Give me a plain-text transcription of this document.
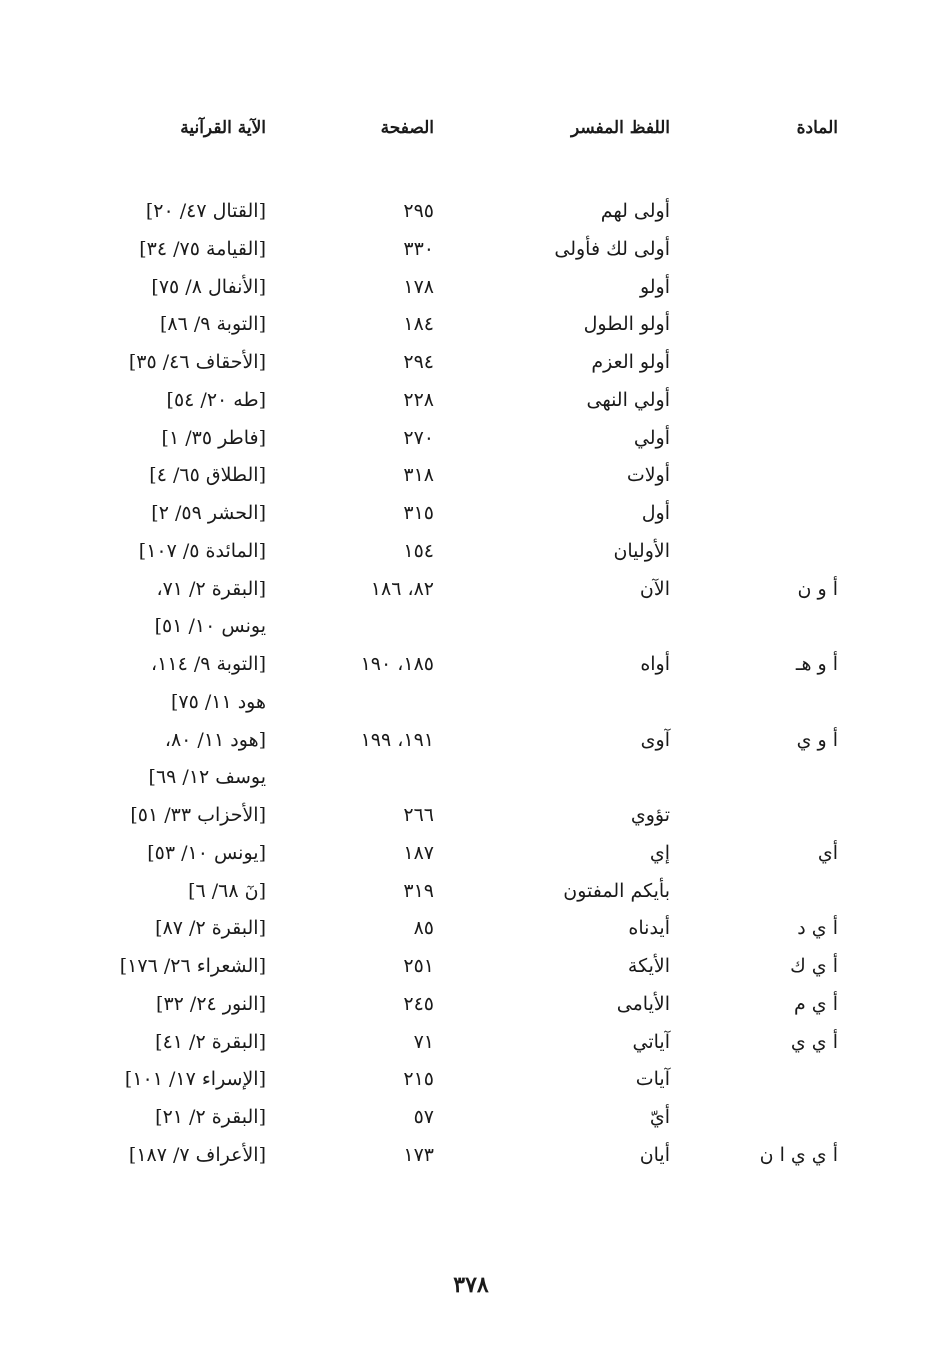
المادة
اللفظ المفسر
الصفحة
الآية القرآنية
أولى لهم
٢٩٥
[القتال ٤٧/ ٢٠]
أولى لك فأولى
٣٣٠
[القيامة ٧٥/ ٣٤]
أولو
١٧٨
[الأنفال ٨/ ٧٥]
أولو الطول
١٨٤
[التوبة ٩/ ٨٦]
أولو العزم
٢٩٤
[الأحقاف ٤٦/ ٣٥]
أولي النهى
٢٢٨
[طه ٢٠/ ٥٤]
أولي
٢٧٠
[فاطر ٣٥/ ١]
أولات
٣١٨
[الطلاق ٦٥/ ٤]
أول
٣١٥
[الحشر ٥٩/ ٢]
الأوليان
١٥٤
[المائدة ٥/ ١٠٧]
أ و ن
الآن
٨٢، ١٨٦
[البقرة ٢/ ٧١،
يونس ١٠/ ٥١]
أ و هـ
أواه
١٨٥، ١٩٠
[التوبة ٩/ ١١٤،
هود ١١/ ٧٥]
أ و ي
آوى
١٩١، ١٩٩
[هود ١١/ ٨٠،
يوسف ١٢/ ٦٩]
تؤوي
٢٦٦
[الأحزاب ٣٣/ ٥١]
أي
إي
١٨٧
[يونس ١٠/ ٥٣]
بأيكم المفتون
٣١٩
[نٓ ٦٨/ ٦]
أ ي د
أيدناه
٨٥
[البقرة ٢/ ٨٧]
أ ي ك
الأيكة
٢٥١
[الشعراء ٢٦/ ١٧٦]
أ ي م
الأيامى
٢٤٥
[النور ٢٤/ ٣٢]
أ ي ي
آياتي
٧١
[البقرة ٢/ ٤١]
آيات
٢١٥
[الإسراء ١٧/ ١٠١]
أيّ
٥٧
[البقرة ٢/ ٢١]
أ ي ي ا ن
أيان
١٧٣
[الأعراف ٧/ ١٨٧]
٣٧٨
